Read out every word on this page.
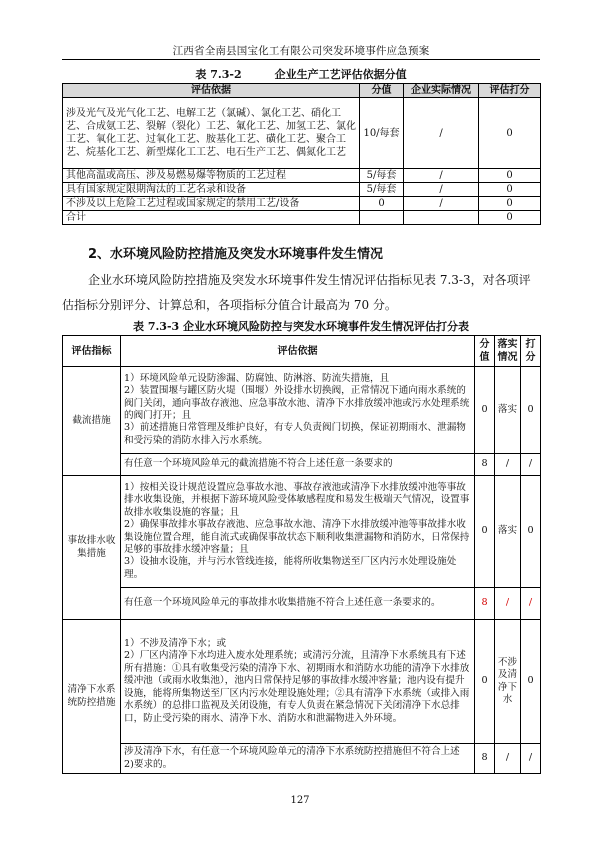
江西省全南县国宝化工有限公司突发环境事件应急预案
表 7.3-2　　　企业生产工艺评估依据分值
评估依据	分值	企业实际情况	评估打分
涉及光气及光气化工艺、电解工艺（氯碱）、氯化工艺、硝化工艺、合成氨工艺、裂解（裂化）工艺、氟化工艺、加氢工艺、氯化工艺、氧化工艺、过氧化工艺、胺基化工艺、磺化工艺、聚合工艺、烷基化工艺、新型煤化工工艺、电石生产工艺、偶氮化工艺	10/每套	/	0
其他高温或高压、涉及易燃易爆等物质的工艺过程	5/每套	/	0
具有国家规定限期淘汰的工艺名录和设备	5/每套	/	0
不涉及以上危险工艺过程或国家规定的禁用工艺/设备	0	/	0
合计			0
2、水环境风险防控措施及突发水环境事件发生情况
企业水环境风险防控措施及突发水环境事件发生情况评估指标见表 7.3-3，对各项评估指标分别评分、计算总和，各项指标分值合计最高为 70 分。
表 7.3-3 企业水环境风险防控与突发水环境事件发生情况评估打分表
评估指标	评估依据	分值	落实情况	打分
截流措施	1）环境风险单元设防渗漏、防腐蚀、防淋溶、防流失措施，且
2）装置围堰与罐区防火堤（围堰）外设排水切换阀，正常情况下通向雨水系统的阀门关闭，通向事故存液池、应急事故水池、清净下水排放缓冲池或污水处理系统的阀门打开；且
3）前述措施日常管理及维护良好，有专人负责阀门切换，保证初期雨水、泄漏物和受污染的消防水排入污水系统。	0	落实	0
	有任意一个环境风险单元的截流措施不符合上述任意一条要求的	8	/	/
事故排水收集措施	1）按相关设计规范设置应急事故水池、事故存液池或清净下水排放缓冲池等事故排水收集设施，并根据下游环境风险受体敏感程度和易发生极端天气情况，设置事故排水收集设施的容量；且
2）确保事故排水事故存液池、应急事故水池、清净下水排放缓冲池等事故排水收集设施位置合理，能自流式或确保事故状态下顺利收集泄漏物和消防水，日常保持足够的事故排水缓冲容量；且
3）设抽水设施，并与污水管线连接，能将所收集物送至厂区内污水处理设施处理。	0	落实	0
	有任意一个环境风险单元的事故排水收集措施不符合上述任意一条要求的。	8	/	/
清净下水系统防控措施	1）不涉及清净下水；或
2）厂区内清净下水均进入废水处理系统；或清污分流，且清净下水系统具有下述所有措施：①具有收集受污染的清净下水、初期雨水和消防水功能的清净下水排放缓冲池（或雨水收集池），池内日常保持足够的事故排水缓冲容量；池内设有提升设施，能将所集物送至厂区内污水处理设施处理；②具有清净下水系统（或排入雨水系统）的总排口监视及关闭设施，有专人负责在紧急情况下关闭清净下水总排口，防止受污染的雨水、清净下水、消防水和泄漏物进入外环境。	0	不涉及清净下水	0
	涉及清净下水，有任意一个环境风险单元的清净下水系统防控措施但不符合上述 2)要求的。	8	/	/
127
